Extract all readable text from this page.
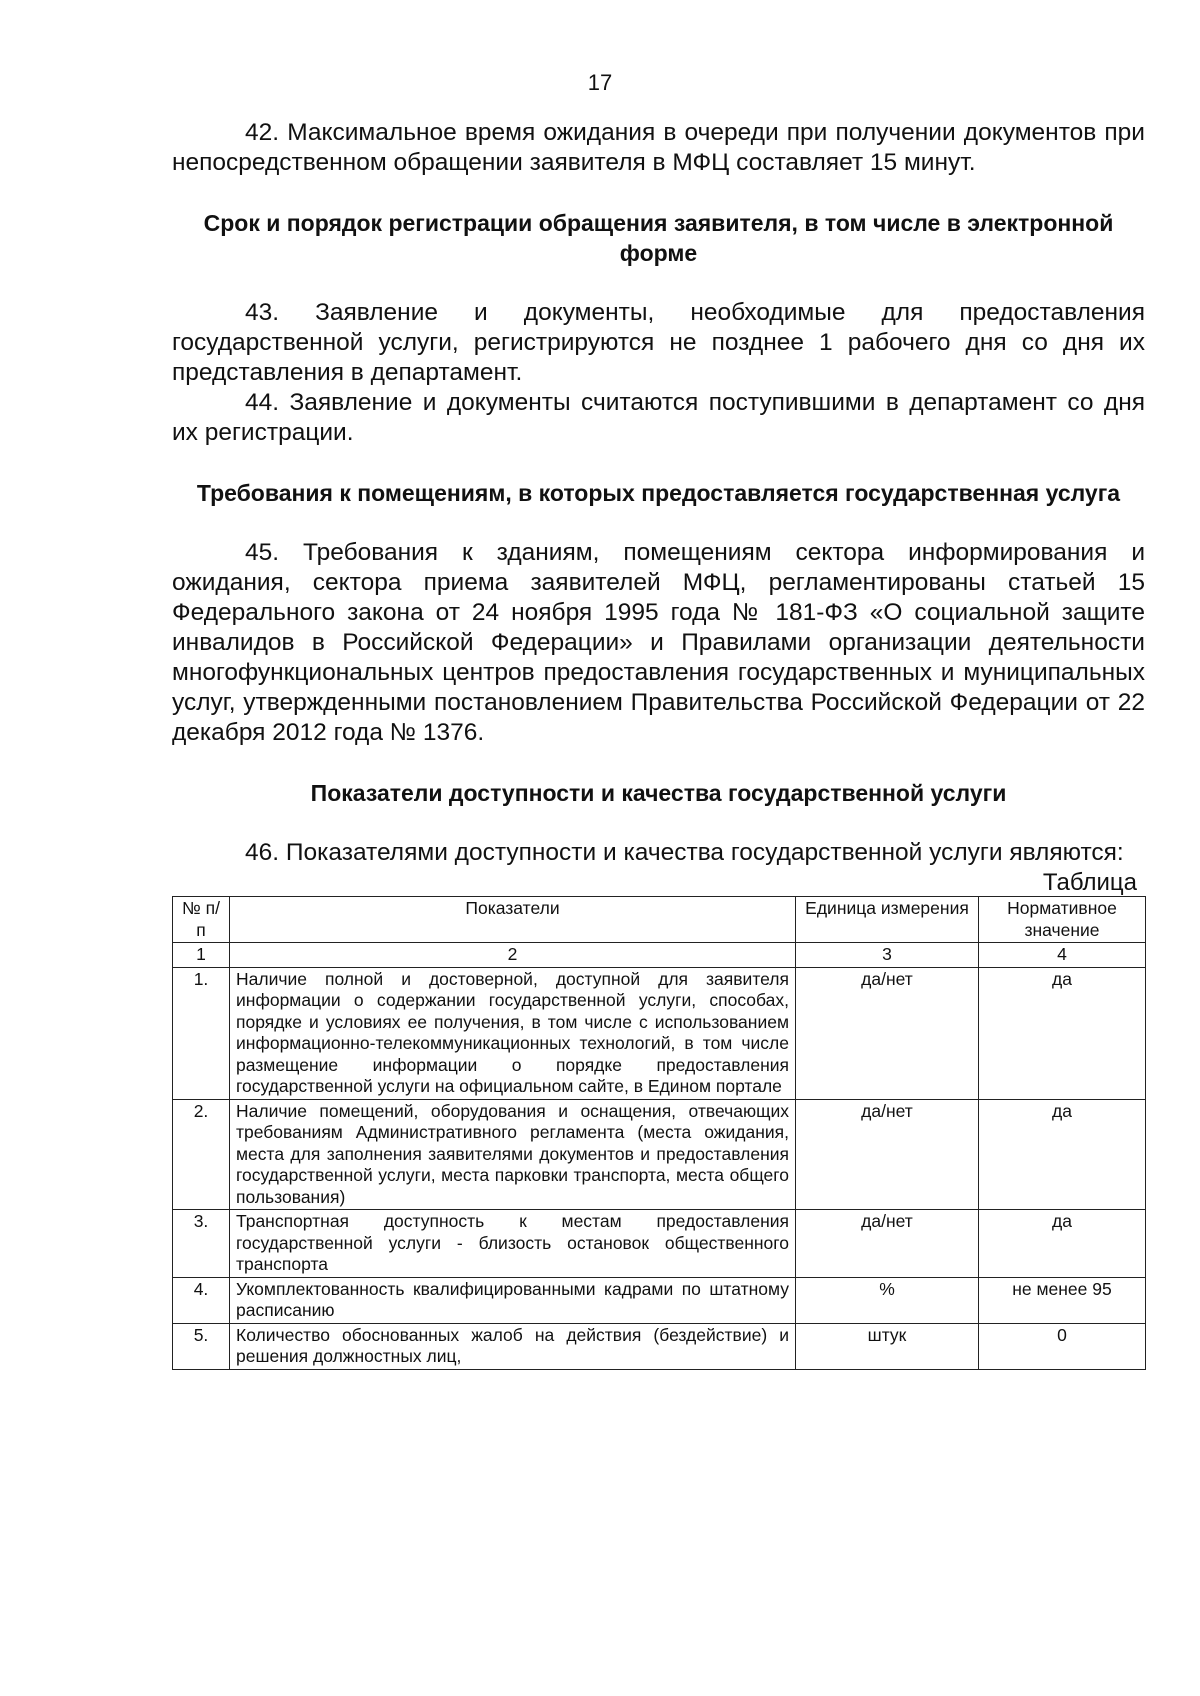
17

42. Максимальное время ожидания в очереди при получении документов при непосредственном обращении заявителя в МФЦ составляет 15 минут.

Срок и порядок регистрации обращения заявителя, в том числе в электронной форме

43. Заявление и документы, необходимые для предоставления государственной услуги, регистрируются не позднее 1 рабочего дня со дня их представления в департамент.

44. Заявление и документы считаются поступившими в департамент со дня их регистрации.

Требования к помещениям, в которых предоставляется государственная услуга

45. Требования к зданиям, помещениям сектора информирования и ожидания, сектора приема заявителей МФЦ, регламентированы статьей 15 Федерального закона от 24 ноября 1995 года № 181-ФЗ «О социальной защите инвалидов в Российской Федерации» и Правилами организации деятельности многофункциональных центров предоставления государственных и муниципальных услуг, утвержденными постановлением Правительства Российской Федерации от 22 декабря 2012 года № 1376.

Показатели доступности и качества государственной услуги

46. Показателями доступности и качества государственной услуги являются:

Таблица
№ п/п	Показатели	Единица измерения	Нормативное значение
1	2	3	4
1.	Наличие полной и достоверной, доступной для заявителя информации о содержании государственной услуги, способах, порядке и условиях ее получения, в том числе с использованием информационно-телекоммуникационных технологий, в том числе размещение информации о порядке предоставления государственной услуги на официальном сайте, в Едином портале	да/нет	да
2.	Наличие помещений, оборудования и оснащения, отвечающих требованиям Административного регламента (места ожидания, места для заполнения заявителями документов и предоставления государственной услуги, места парковки транспорта, места общего пользования)	да/нет	да
3.	Транспортная доступность к местам предоставления государственной услуги - близость остановок общественного транспорта	да/нет	да
4.	Укомплектованность квалифицированными кадрами по штатному расписанию	%	не менее 95
5.	Количество обоснованных жалоб на действия (бездействие) и решения должностных лиц,	штук	0
